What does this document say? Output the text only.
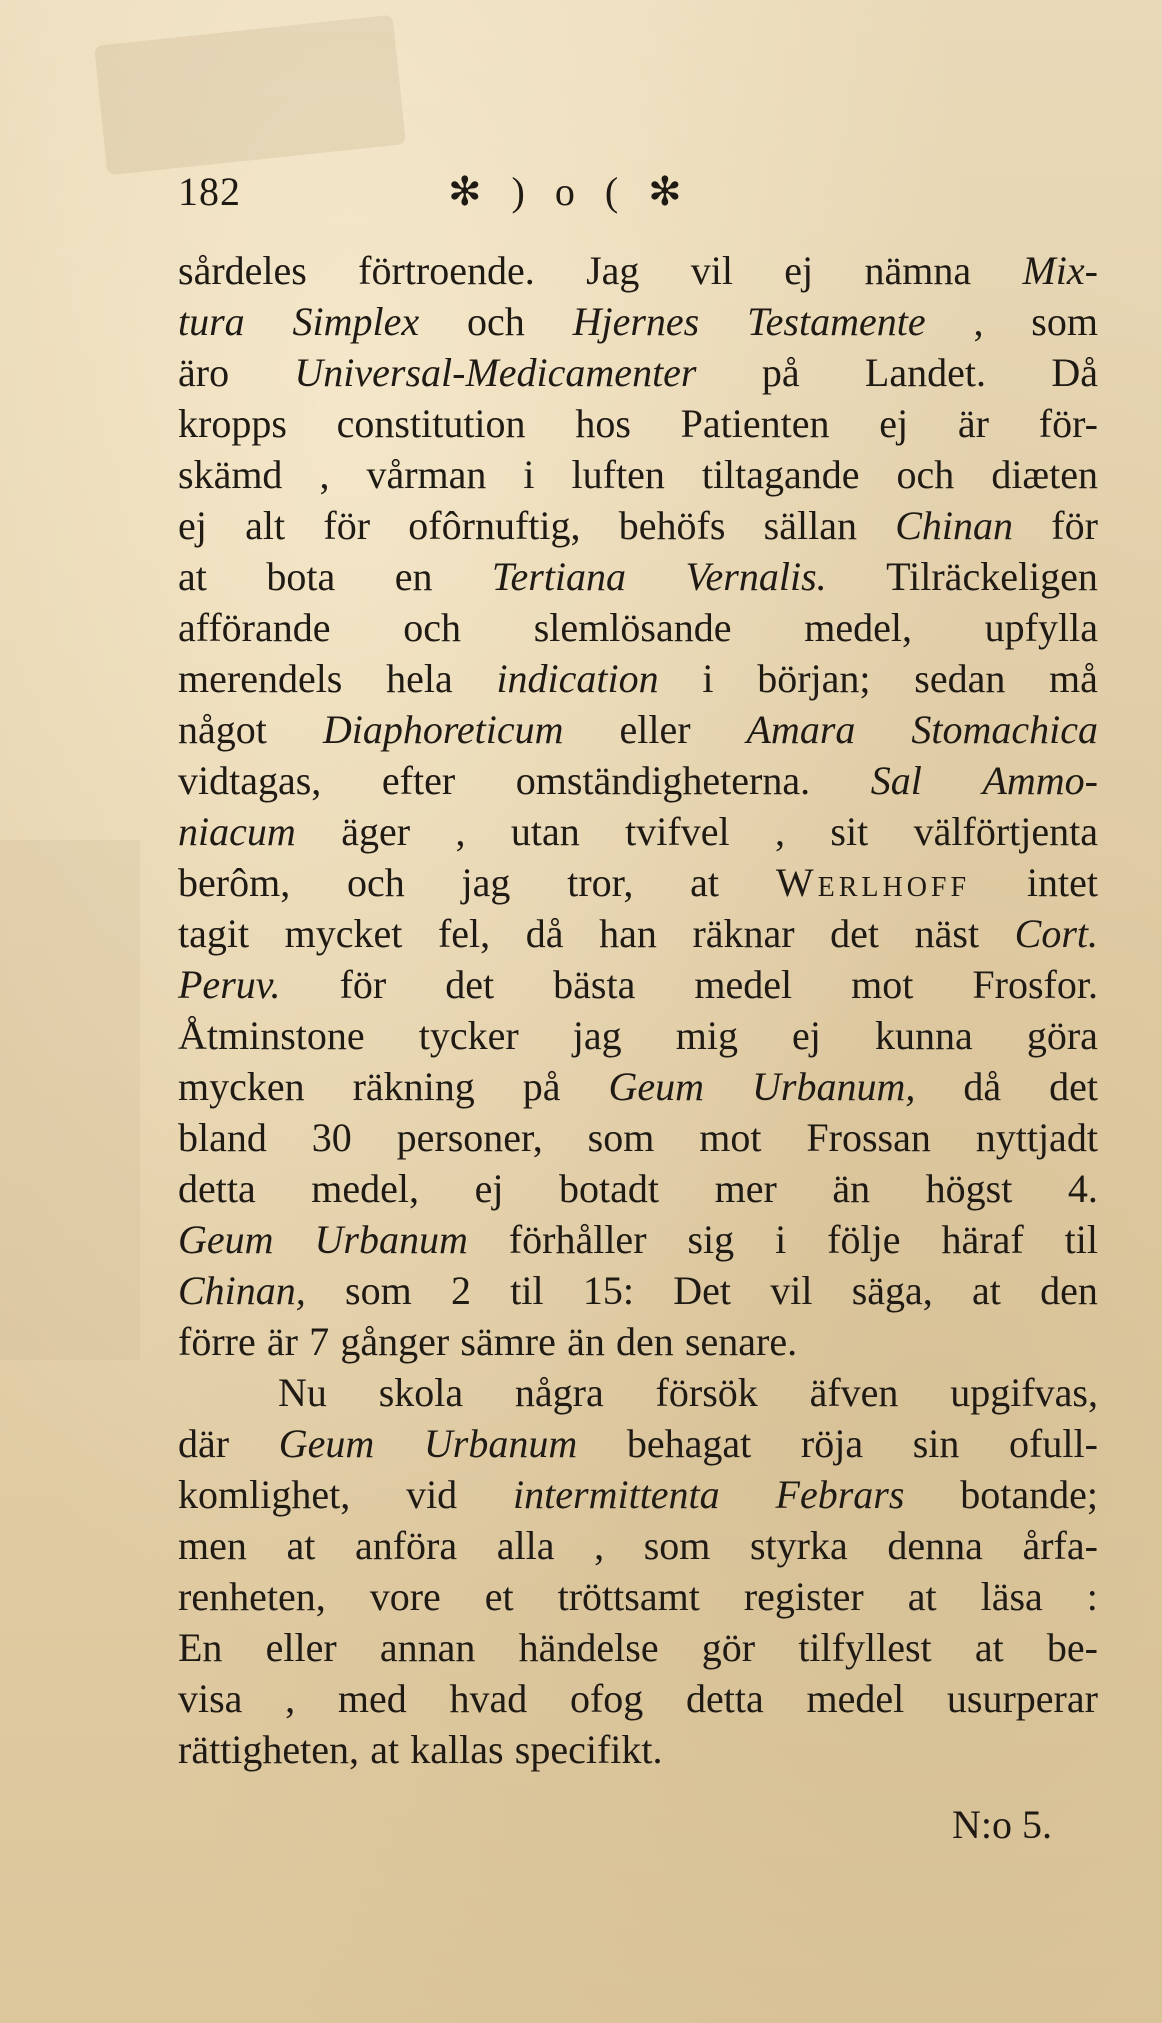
182	✻ ) o ( ✻
sårdeles förtroende. Jag vil ej nämna Mix-
tura Simplex och Hjernes Testamente , som
äro Universal-Medicamenter på Landet. Då
kropps constitution hos Patienten ej är för-
skämd , vårman i luften tiltagande och diæten
ej alt för ofôrnuftig, behöfs sällan Chinan för
at bota en Tertiana Vernalis. Tilräckeligen
afförande och slemlösande medel, upfylla
merendels hela indication i början; sedan må
något Diaphoreticum eller Amara Stomachica
vidtagas, efter omständigheterna. Sal Ammo-
niacum äger , utan tvifvel , sit välförtjenta
berôm, och jag tror, at Werlhoff intet
tagit mycket fel, då han räknar det näst Cort.
Peruv. för det bästa medel mot Frosfor.
Åtminstone tycker jag mig ej kunna göra
mycken räkning på Geum Urbanum, då det
bland 30 personer, som mot Frossan nyttjadt
detta medel, ej botadt mer än högst 4.
Geum Urbanum förhåller sig i följe häraf til
Chinan, som 2 til 15: Det vil säga, at den
förre är 7 gånger sämre än den senare.
Nu skola några försök äfven upgifvas,
där Geum Urbanum behagat röja sin ofull-
komlighet, vid intermittenta Febrars botande;
men at anföra alla , som styrka denna årfa-
renheten, vore et tröttsamt register at läsa :
En eller annan händelse gör tilfyllest at be-
visa , med hvad ofog detta medel usurperar
rättigheten, at kallas specifikt.
N:o 5.
